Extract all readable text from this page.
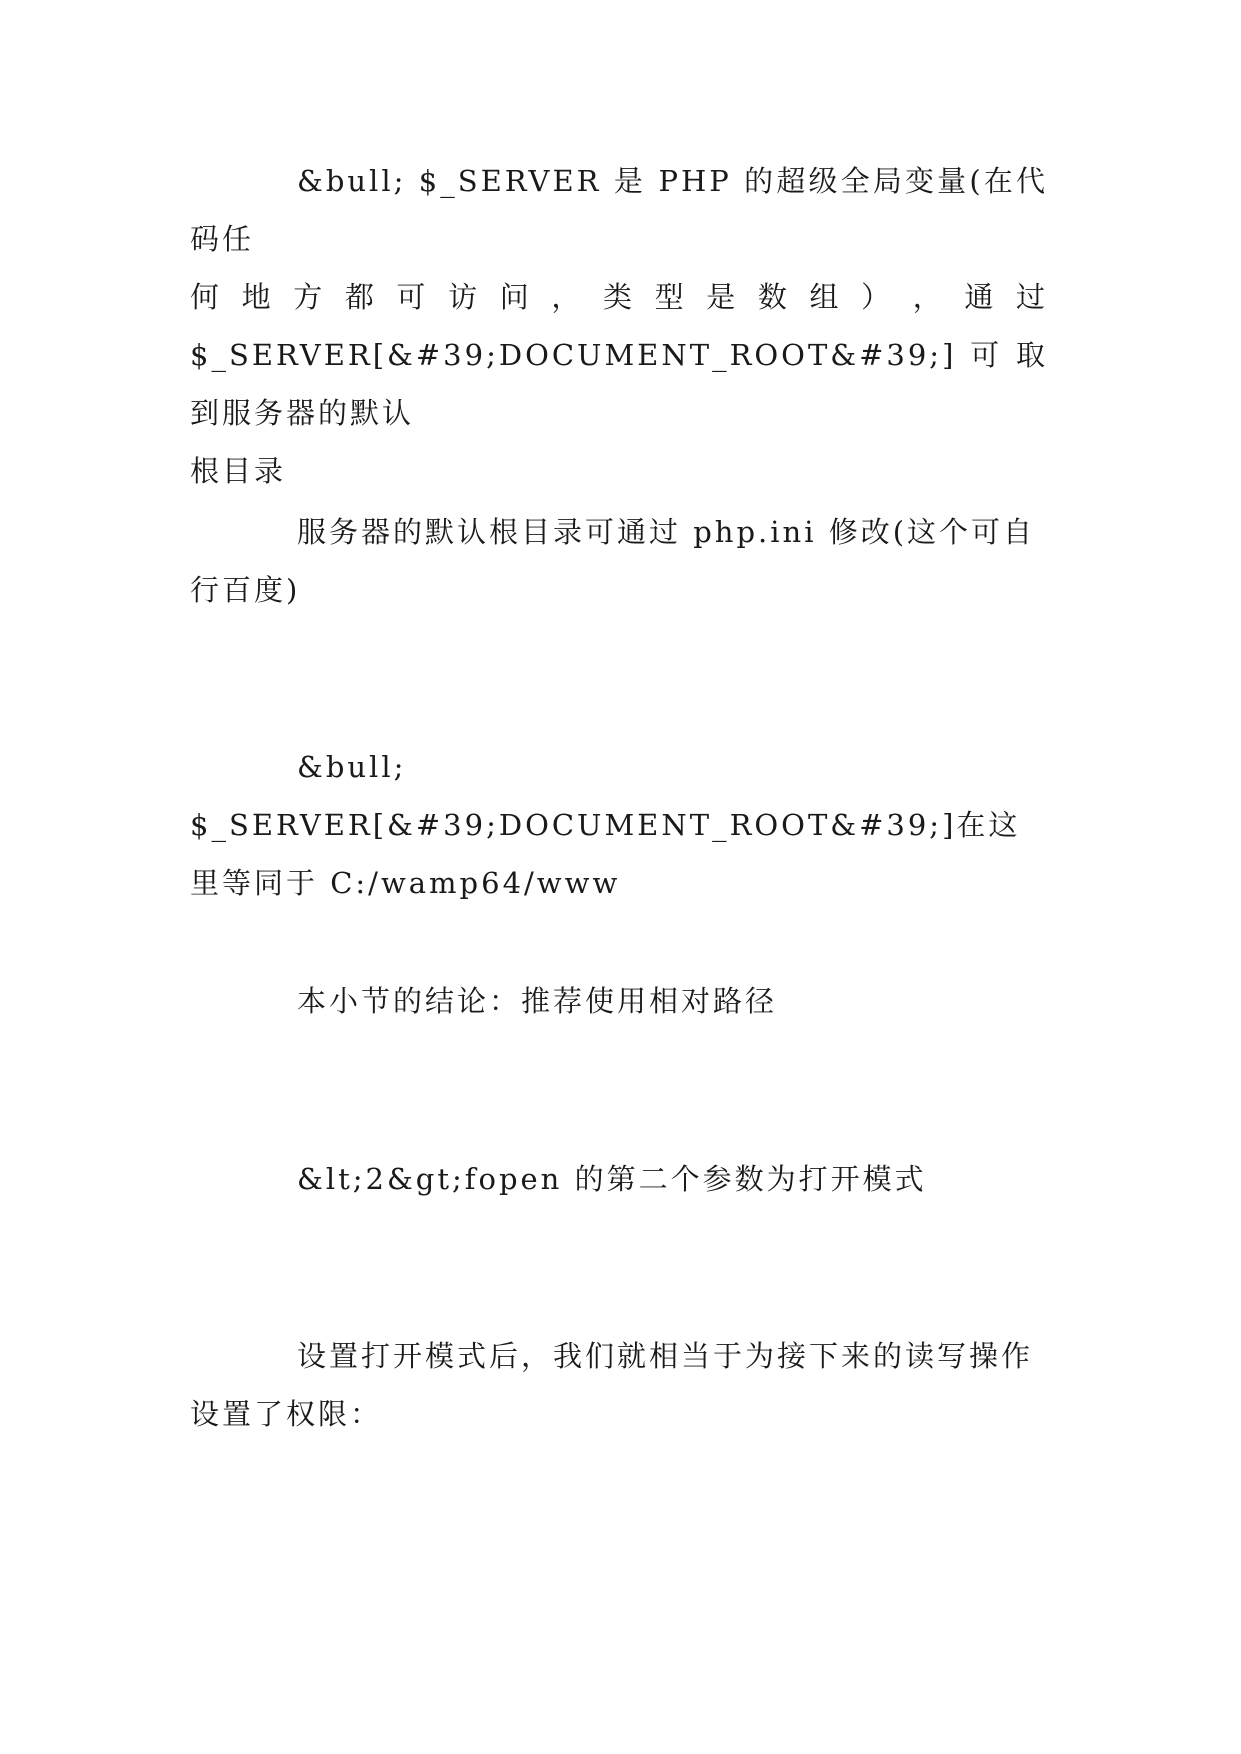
&bull; $_SERVER 是 PHP 的超级全局变量(在代码任
何 地 方 都 可 访 问 ， 类 型 是 数 组 ） ， 通 过
$_SERVER[&#39;DOCUMENT_ROOT&#39;]可取到服务器的默认
根目录

服务器的默认根目录可通过 php.ini 修改(这个可自
行百度)

&bull; $_SERVER[&#39;DOCUMENT_ROOT&#39;]在这
里等同于 C:/wamp64/www

本小节的结论：推荐使用相对路径

&lt;2&gt;fopen 的第二个参数为打开模式

设置打开模式后，我们就相当于为接下来的读写操作
设置了权限：
